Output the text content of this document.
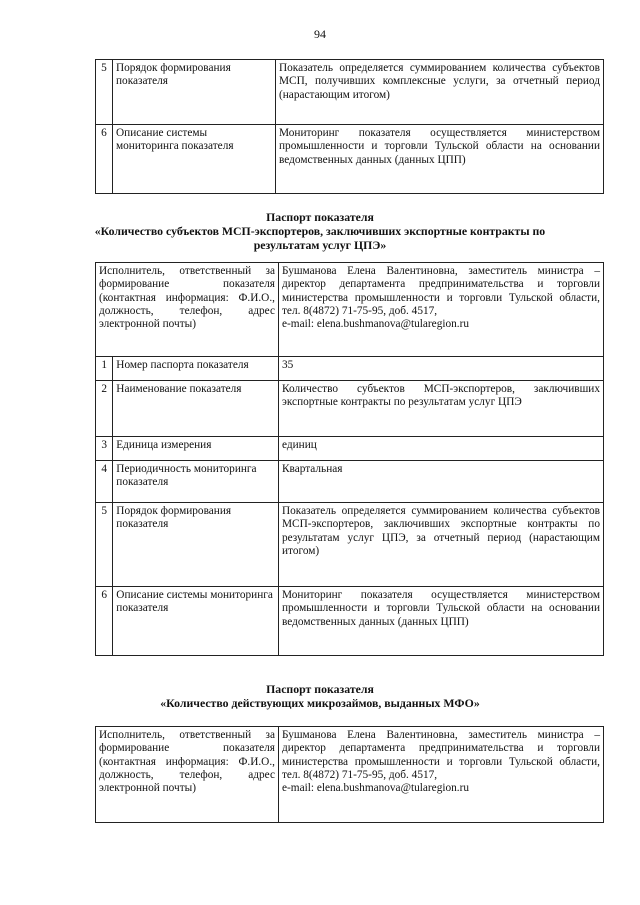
94
5	Порядок формирования показателя	Показатель определяется суммированием количества субъектов МСП, получивших комплексные услуги, за отчетный период (нарастающим итогом)
6	Описание системы мониторинга показателя	Мониторинг показателя осуществляется министерством промышленности и торговли Тульской области на основании ведомственных данных (данных ЦПП)
Паспорт показателя
«Количество субъектов МСП-экспортеров, заключивших экспортные контракты по
результатам услуг ЦПЭ»
Исполнитель, ответственный за формирование показателя (контактная информация: Ф.И.О., должность, телефон, адрес электронной почты)		Бушманова Елена Валентиновна, заместитель министра – директор департамента предпринимательства и торговли министерства промышленности и торговли Тульской области, тел. 8(4872) 71-75-95, доб. 4517,
e-mail: elena.bushmanova@tularegion.ru
1	Номер паспорта показателя	35
2	Наименование показателя	Количество субъектов МСП-экспортеров, заключивших экспортные контракты по результатам услуг ЦПЭ
3	Единица измерения	единиц
4	Периодичность мониторинга показателя	Квартальная
5	Порядок формирования показателя	Показатель определяется суммированием количества субъектов МСП-экспортеров, заключивших экспортные контракты по результатам услуг ЦПЭ, за отчетный период (нарастающим итогом)
6	Описание системы мониторинга показателя	Мониторинг показателя осуществляется министерством промышленности и торговли Тульской области на основании ведомственных данных (данных ЦПП)
Паспорт показателя
«Количество действующих микрозаймов, выданных МФО»
Исполнитель, ответственный за формирование показателя (контактная информация: Ф.И.О., должность, телефон, адрес электронной почты)	Бушманова Елена Валентиновна, заместитель министра – директор департамента предпринимательства и торговли министерства промышленности и торговли Тульской области, тел. 8(4872) 71-75-95, доб. 4517,
e-mail: elena.bushmanova@tularegion.ru
